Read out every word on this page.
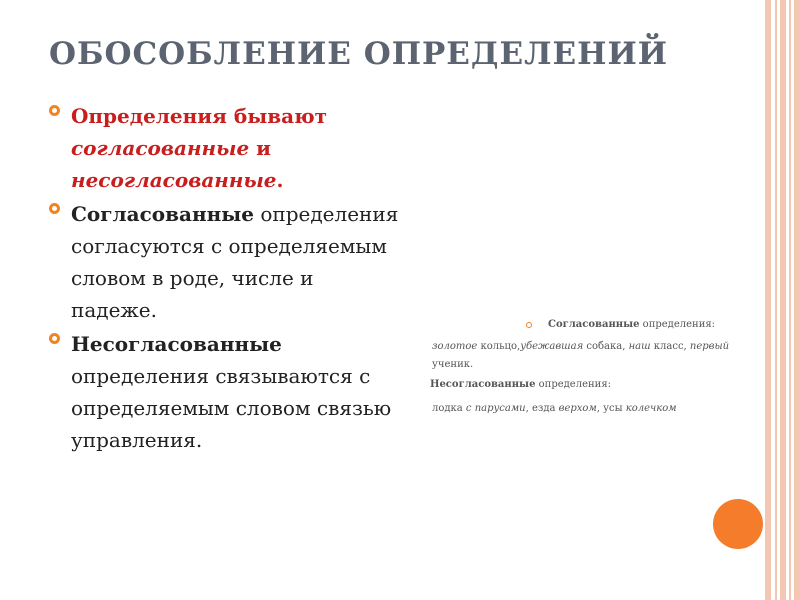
ОБОСОБЛЕНИЕ ОПРЕДЕЛЕНИЙ
Определения бывают согласованные и несогласованные.
Согласованные определения согласуются с определяемым словом в роде, числе и падеже.
Несогласованные определения связываются с определяемым словом связью управления.
Согласованные определения:
золотое кольцо,убежавшая собака, наш класс, первый ученик.
Несогласованные определения:
лодка с парусами, езда верхом, усы колечком
